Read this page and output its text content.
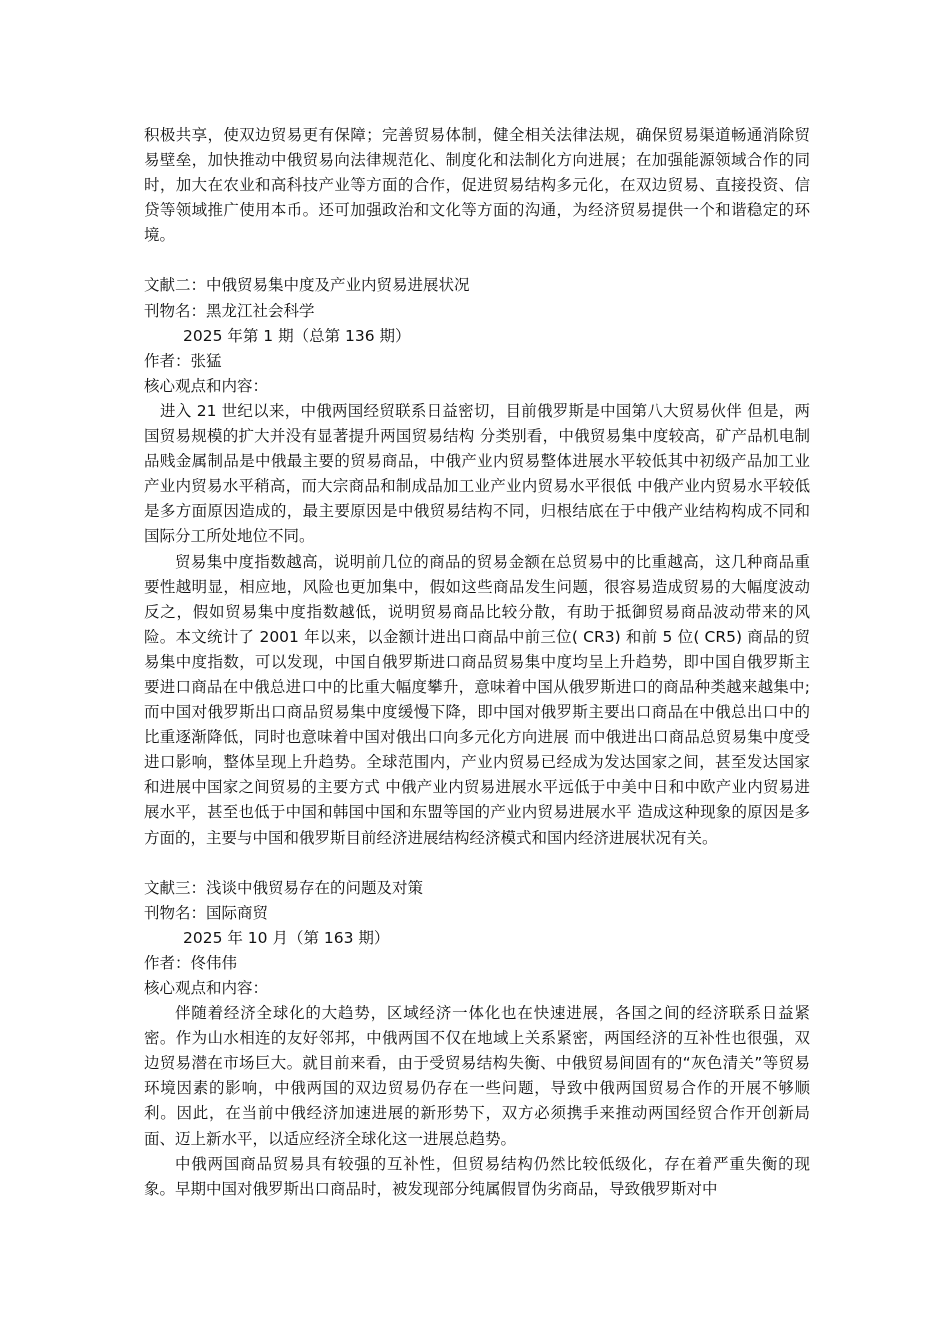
积极共享，使双边贸易更有保障；完善贸易体制，健全相关法律法规，确保贸易渠道畅通消除贸易壁垒，加快推动中俄贸易向法律规范化、制度化和法制化方向进展；在加强能源领域合作的同时，加大在农业和高科技产业等方面的合作，促进贸易结构多元化，在双边贸易、直接投资、信贷等领域推广使用本币。还可加强政治和文化等方面的沟通，为经济贸易提供一个和谐稳定的环境。

文献二：中俄贸易集中度及产业内贸易进展状况

刊物名：黑龙江社会科学

2025 年第 1 期（总第 136 期）

作者：张猛

核心观点和内容：

进入 21 世纪以来，中俄两国经贸联系日益密切，目前俄罗斯是中国第八大贸易伙伴 但是，两国贸易规模的扩大并没有显著提升两国贸易结构 分类别看，中俄贸易集中度较高，矿产品机电制品贱金属制品是中俄最主要的贸易商品，中俄产业内贸易整体进展水平较低其中初级产品加工业产业内贸易水平稍高，而大宗商品和制成品加工业产业内贸易水平很低 中俄产业内贸易水平较低是多方面原因造成的，最主要原因是中俄贸易结构不同，归根结底在于中俄产业结构构成不同和国际分工所处地位不同。

贸易集中度指数越高，说明前几位的商品的贸易金额在总贸易中的比重越高，这几种商品重要性越明显，相应地，风险也更加集中，假如这些商品发生问题，很容易造成贸易的大幅度波动 反之，假如贸易集中度指数越低，说明贸易商品比较分散，有助于抵御贸易商品波动带来的风险。本文统计了 2001 年以来，以金额计进出口商品中前三位( CR3) 和前 5 位( CR5) 商品的贸易集中度指数，可以发现，中国自俄罗斯进口商品贸易集中度均呈上升趋势，即中国自俄罗斯主要进口商品在中俄总进口中的比重大幅度攀升，意味着中国从俄罗斯进口的商品种类越来越集中;而中国对俄罗斯出口商品贸易集中度缓慢下降，即中国对俄罗斯主要出口商品在中俄总出口中的比重逐渐降低，同时也意味着中国对俄出口向多元化方向进展 而中俄进出口商品总贸易集中度受进口影响，整体呈现上升趋势。全球范围内，产业内贸易已经成为发达国家之间，甚至发达国家和进展中国家之间贸易的主要方式 中俄产业内贸易进展水平远低于中美中日和中欧产业内贸易进展水平，甚至也低于中国和韩国中国和东盟等国的产业内贸易进展水平 造成这种现象的原因是多方面的，主要与中国和俄罗斯目前经济进展结构经济模式和国内经济进展状况有关。

文献三：浅谈中俄贸易存在的问题及对策

刊物名：国际商贸

2025 年 10 月（第 163 期）

作者：佟伟伟

核心观点和内容：

伴随着经济全球化的大趋势，区域经济一体化也在快速进展，各国之间的经济联系日益紧密。作为山水相连的友好邻邦，中俄两国不仅在地域上关系紧密，两国经济的互补性也很强，双边贸易潜在市场巨大。就目前来看，由于受贸易结构失衡、中俄贸易间固有的“灰色清关”等贸易环境因素的影响，中俄两国的双边贸易仍存在一些问题，导致中俄两国贸易合作的开展不够顺利。因此，在当前中俄经济加速进展的新形势下，双方必须携手来推动两国经贸合作开创新局面、迈上新水平，以适应经济全球化这一进展总趋势。

中俄两国商品贸易具有较强的互补性，但贸易结构仍然比较低级化，存在着严重失衡的现象。早期中国对俄罗斯出口商品时，被发现部分纯属假冒伪劣商品，导致俄罗斯对中
